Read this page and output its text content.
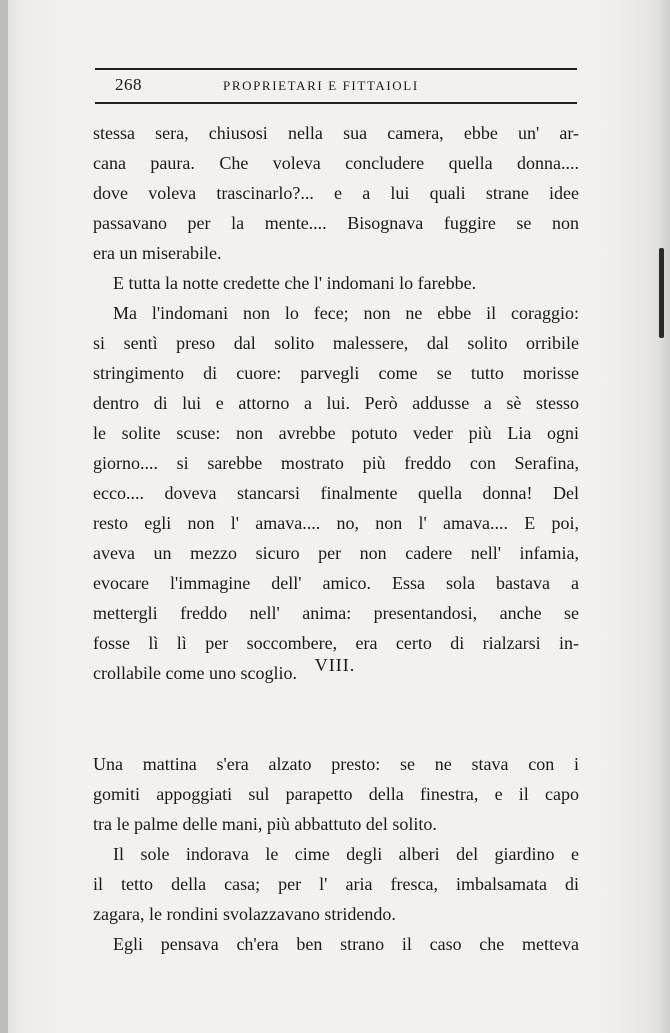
268	PROPRIETARI E FITTAIOLI
stessa sera, chiusosi nella sua camera, ebbe un' ar-
cana paura. Che voleva concludere quella donna....
dove voleva trascinarlo?... e a lui quali strane idee
passavano per la mente.... Bisognava fuggire se non
era un miserabile.
E tutta la notte credette che l' indomani lo farebbe.
Ma l'indomani non lo fece; non ne ebbe il coraggio:
si sentì preso dal solito malessere, dal solito orribile
stringimento di cuore: parvegli come se tutto morisse
dentro di lui e attorno a lui. Però addusse a sè stesso
le solite scuse: non avrebbe potuto veder più Lia ogni
giorno.... si sarebbe mostrato più freddo con Serafina,
ecco.... doveva stancarsi finalmente quella donna! Del
resto egli non l' amava.... no, non l' amava.... E poi,
aveva un mezzo sicuro per non cadere nell' infamia,
evocare l'immagine dell' amico. Essa sola bastava a
mettergli freddo nell' anima: presentandosi, anche se
fosse lì lì per soccombere, era certo di rialzarsi in-
crollabile come uno scoglio.
Una mattina s'era alzato presto: se ne stava con i
gomiti appoggiati sul parapetto della finestra, e il capo
tra le palme delle mani, più abbattuto del solito.
Il sole indorava le cime degli alberi del giardino e
il tetto della casa; per l' aria fresca, imbalsamata di
zagara, le rondini svolazzavano stridendo.
Egli pensava ch'era ben strano il caso che metteva
VIII.
